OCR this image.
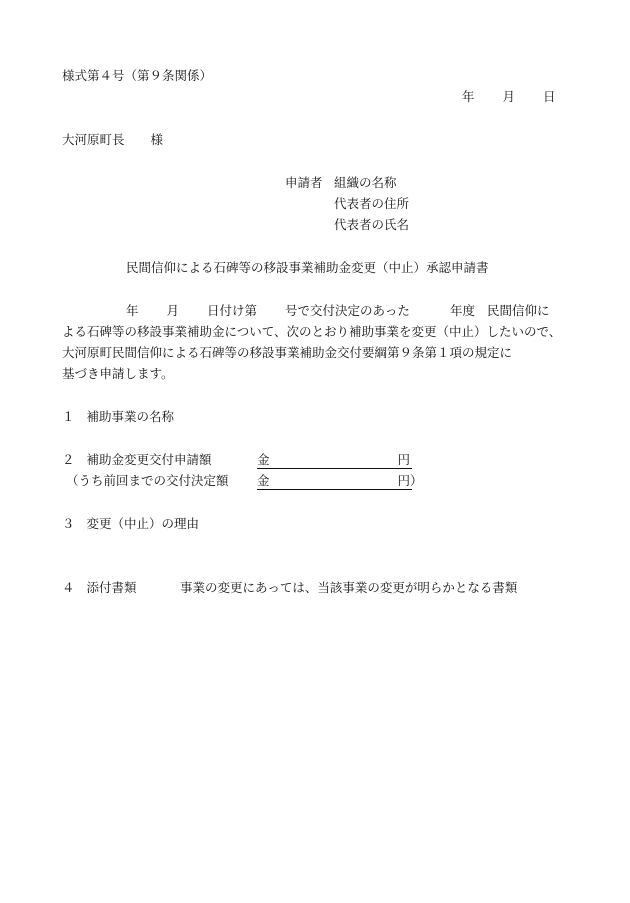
様式第４号（第９条関係）
年 月 日
大河原町長 様
申請者 組織の名称
代表者の住所
代表者の氏名
民間信仰による石碑等の移設事業補助金変更（中止）承認申請書
年 月 日付け第 号で交付決定のあった	年度 民間信仰に
よる石碑等の移設事業補助金について、次のとおり補助事業を変更（中止）したいので、
大河原町民間信仰による石碑等の移設事業補助金交付要綱第９条第１項の規定に
基づき申請します。
１ 補助事業の名称
２ 補助金変更交付申請額	金	円
（うち前回までの交付決定額 金	円）
３ 変更（中止）の理由
４ 添付書類	事業の変更にあっては、当該事業の変更が明らかとなる書類
